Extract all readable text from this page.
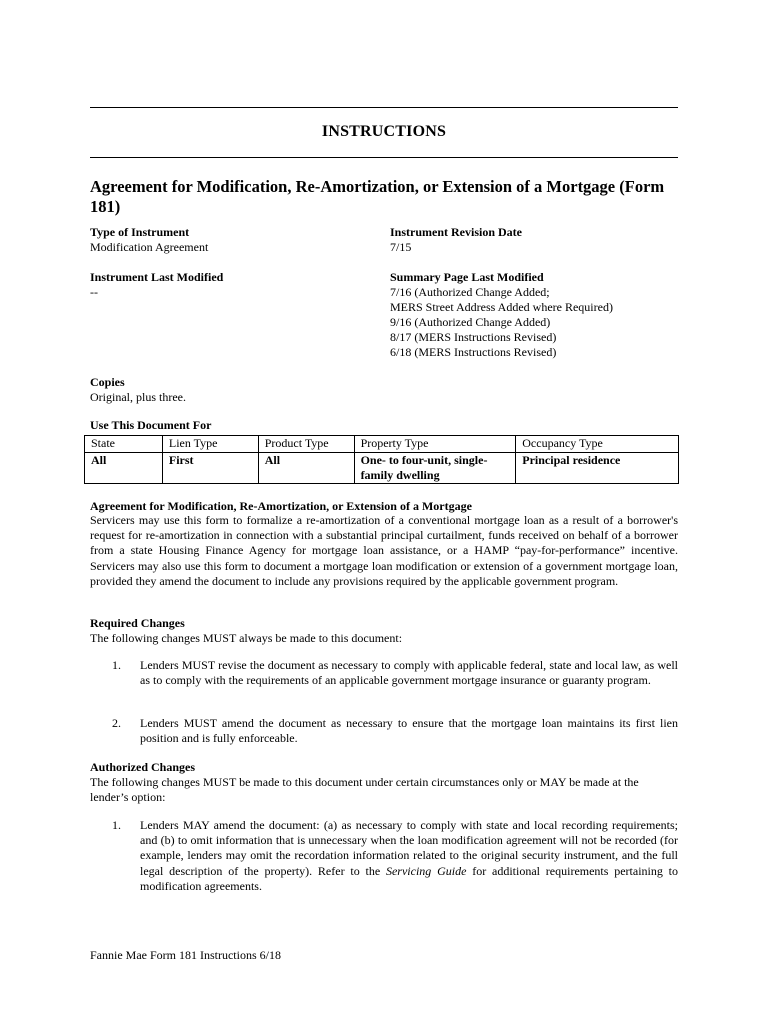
INSTRUCTIONS
Agreement for Modification, Re-Amortization, or Extension of a Mortgage (Form 181)
Type of Instrument
Modification Agreement
Instrument Revision Date
7/15
Instrument Last Modified
--
Summary Page Last Modified
7/16 (Authorized Change Added;
MERS Street Address Added where Required)
9/16 (Authorized Change Added)
8/17 (MERS Instructions Revised)
6/18 (MERS Instructions Revised)
Copies
Original, plus three.
Use This Document For
State	Lien Type	Product Type	Property Type	Occupancy Type
All	First	All	One- to four-unit, single-family dwelling	Principal residence
Agreement for Modification, Re-Amortization, or Extension of a Mortgage
Servicers may use this form to formalize a re-amortization of a conventional mortgage loan as a result of a borrower's request for re-amortization in connection with a substantial principal curtailment, funds received on behalf of a borrower from a state Housing Finance Agency for mortgage loan assistance, or a HAMP “pay-for-performance” incentive. Servicers may also use this form to document a mortgage loan modification or extension of a government mortgage loan, provided they amend the document to include any provisions required by the applicable government program.
Required Changes
The following changes MUST always be made to this document:
1.	Lenders MUST revise the document as necessary to comply with applicable federal, state and local law, as well as to comply with the requirements of an applicable government mortgage insurance or guaranty program.
2.	Lenders MUST amend the document as necessary to ensure that the mortgage loan maintains its first lien position and is fully enforceable.
Authorized Changes
The following changes MUST be made to this document under certain circumstances only or MAY be made at the lender’s option:
1.	Lenders MAY amend the document: (a) as necessary to comply with state and local recording requirements; and (b) to omit information that is unnecessary when the loan modification agreement will not be recorded (for example, lenders may omit the recordation information related to the original security instrument, and the full legal description of the property). Refer to the Servicing Guide for additional requirements pertaining to modification agreements.
Fannie Mae Form 181 Instructions 6/18
